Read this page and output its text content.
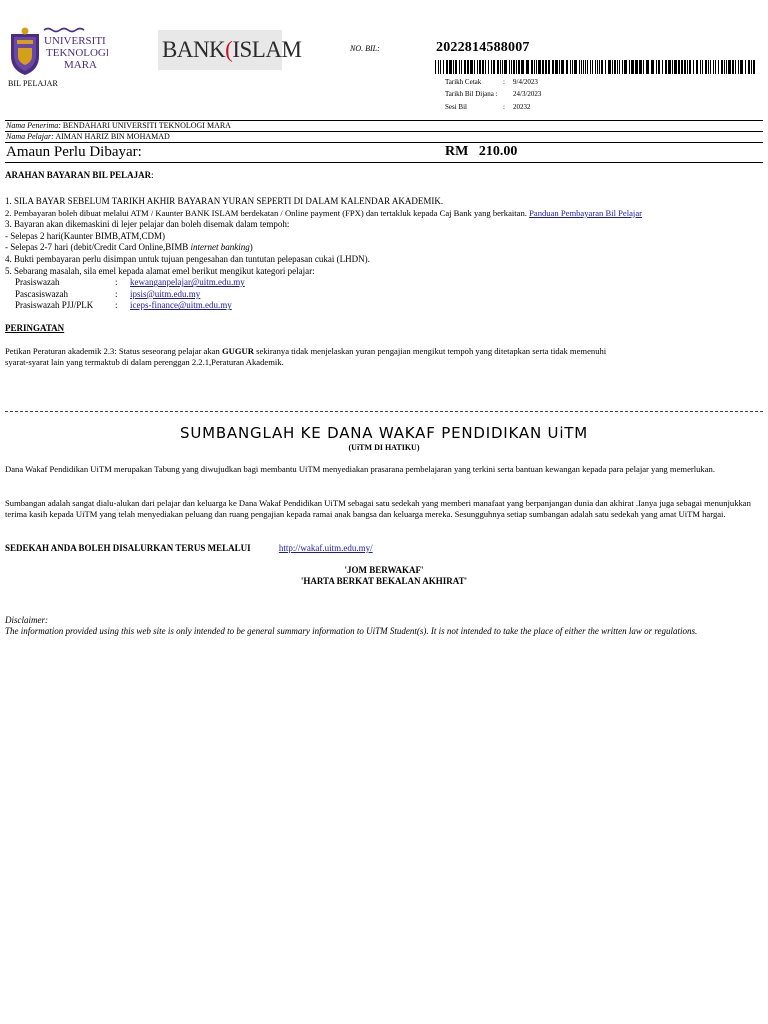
UNIVERSITI
TEKNOLOGI
MARA
BANK(ISLAM
BIL PELAJAR
NO. BIL:	2022814588007
Tarikh Cetak	: 9/4/2023
Tarikh Bil Dijana : 24/3/2023
Sesi Bil	: 20232
Nama Penerima: BENDAHARI UNIVERSITI TEKNOLOGI MARA
Nama Pelajar: AIMAN HARIZ BIN MOHAMAD
Amaun Perlu Dibayar:	RM 210.00
ARAHAN BAYARAN BIL PELAJAR:
1. SILA BAYAR SEBELUM TARIKH AKHIR BAYARAN YURAN SEPERTI DI DALAM KALENDAR AKADEMIK.
2. Pembayaran boleh dibuat melalui ATM / Kaunter BANK ISLAM berdekatan / Online payment (FPX) dan tertakluk kepada Caj Bank yang berkaitan. Panduan Pembayaran Bil Pelajar
3. Bayaran akan dikemaskini di lejer pelajar dan boleh disemak dalam tempoh:
- Selepas 2 hari(Kaunter BIMB,ATM,CDM)
- Selepas 2-7 hari (debit/Credit Card Online,BIMB internet banking)
4. Bukti pembayaran perlu disimpan untuk tujuan pengesahan dan tuntutan pelepasan cukai (LHDN).
5. Sebarang masalah, sila emel kepada alamat emel berikut mengikut kategori pelajar:
Prasiswazah	: kewanganpelajar@uitm.edu.my
Pascasiswazah	: ipsis@uitm.edu.my
Prasiswazah PJJ/PLK : iceps-finance@uitm.edu.my
PERINGATAN
Petikan Peraturan akademik 2.3: Status seseorang pelajar akan GUGUR sekiranya tidak menjelaskan yuran pengajian mengikut tempoh yang ditetapkan serta tidak memenuhi
syarat-syarat lain yang termaktub di dalam perenggan 2.2.1,Peraturan Akademik.
SUMBANGLAH KE DANA WAKAF PENDIDIKAN UiTM
(UiTM DI HATIKU)
Dana Wakaf Pendidikan UiTM merupakan Tabung yang diwujudkan bagi membantu UiTM menyediakan prasarana pembelajaran yang terkini serta bantuan kewangan kepada para pelajar yang memerlukan.
Sumbangan adalah sangat dialu-alukan dari pelajar dan keluarga ke Dana Wakaf Pendidikan UiTM sebagai satu sedekah yang memberi manafaat yang berpanjangan dunia dan akhirat .Ianya juga sebagai menunjukkan terima kasih kepada UiTM yang telah menyediakan peluang dan ruang pengajian kepada ramai anak bangsa dan keluarga mereka. Sesungguhnya setiap sumbangan adalah satu sedekah yang amat UiTM hargai.
SEDEKAH ANDA BOLEH DISALURKAN TERUS MELALUI	http://wakaf.uitm.edu.my/
'JOM BERWAKAF'
'HARTA BERKAT BEKALAN AKHIRAT'
Disclaimer:
The information provided using this web site is only intended to be general summary information to UiTM Student(s). It is not intended to take the place of either the written law or regulations.
